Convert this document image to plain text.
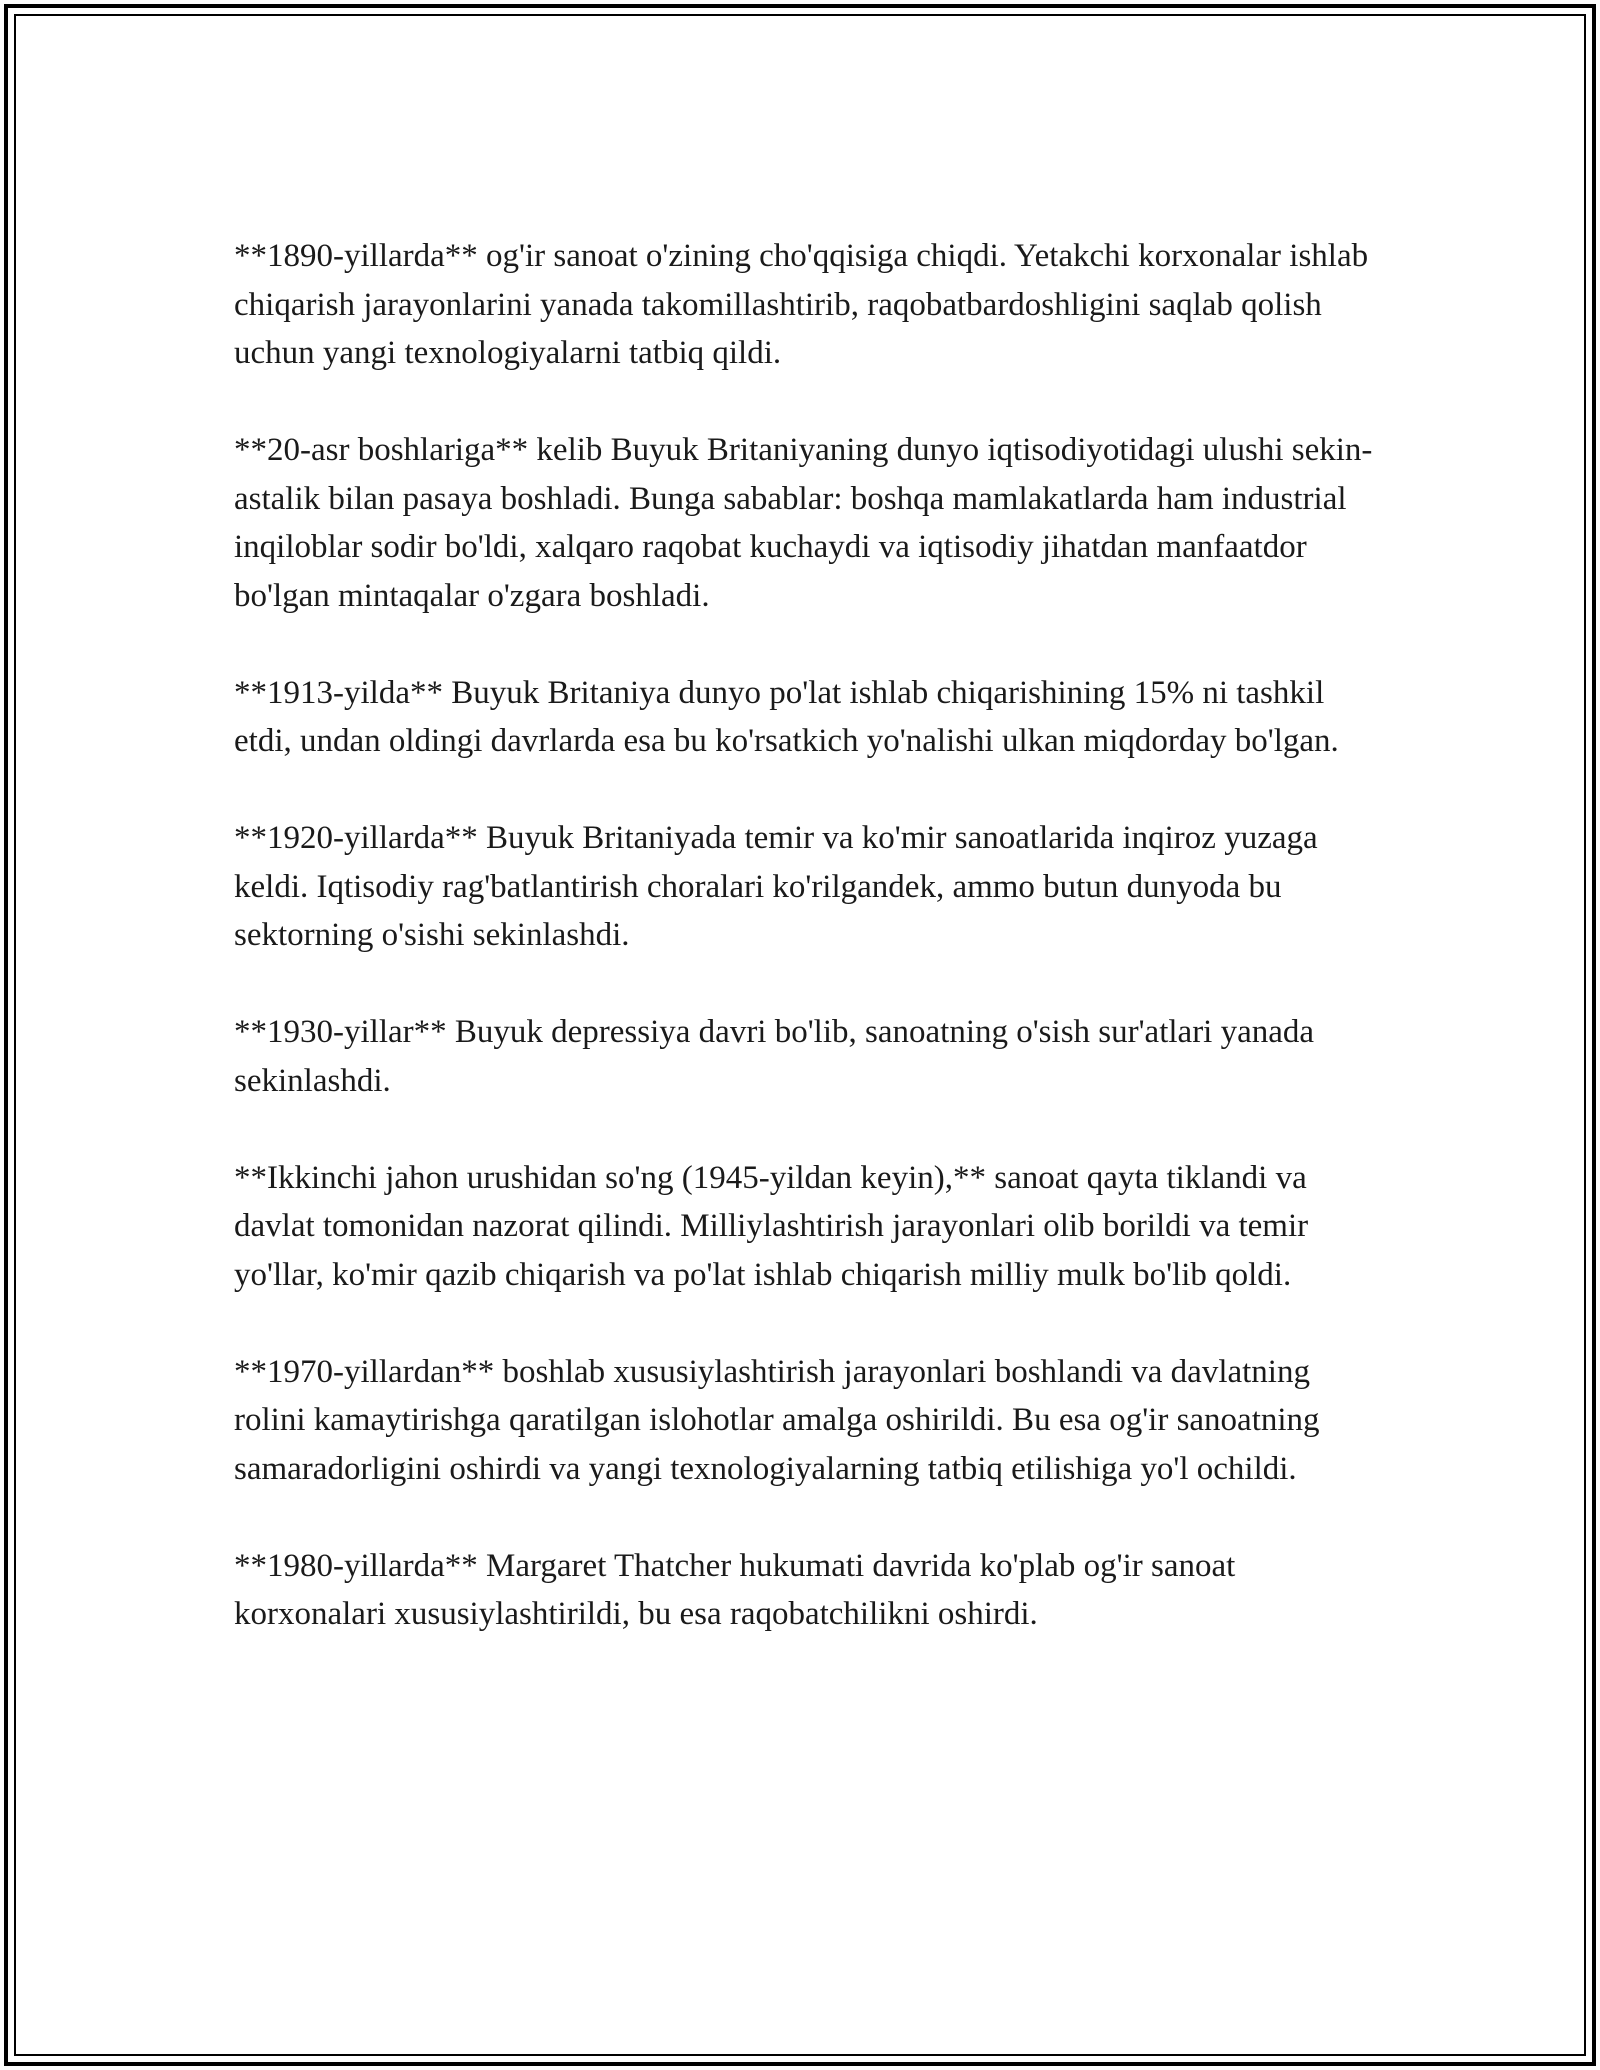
**1890-yillarda** og'ir sanoat o'zining cho'qqisiga chiqdi. Yetakchi korxonalar ishlab chiqarish jarayonlarini yanada takomillashtirib, raqobatbardoshligini saqlab qolish uchun yangi texnologiyalarni tatbiq qildi.

**20-asr boshlariga** kelib Buyuk Britaniyaning dunyo iqtisodiyotidagi ulushi sekin-astalik bilan pasaya boshladi. Bunga sabablar: boshqa mamlakatlarda ham industrial inqiloblar sodir bo'ldi, xalqaro raqobat kuchaydi va iqtisodiy jihatdan manfaatdor bo'lgan mintaqalar o'zgara boshladi.

**1913-yilda** Buyuk Britaniya dunyo po'lat ishlab chiqarishining 15% ni tashkil etdi, undan oldingi davrlarda esa bu ko'rsatkich yo'nalishi ulkan miqdorday bo'lgan.

**1920-yillarda** Buyuk Britaniyada temir va ko'mir sanoatlarida inqiroz yuzaga keldi. Iqtisodiy rag'batlantirish choralari ko'rilgandek, ammo butun dunyoda bu sektorning o'sishi sekinlashdi.

**1930-yillar** Buyuk depressiya davri bo'lib, sanoatning o'sish sur'atlari yanada sekinlashdi.

**Ikkinchi jahon urushidan so'ng (1945-yildan keyin),** sanoat qayta tiklandi va davlat tomonidan nazorat qilindi. Milliylashtirish jarayonlari olib borildi va temir yo'llar, ko'mir qazib chiqarish va po'lat ishlab chiqarish milliy mulk bo'lib qoldi.

**1970-yillardan** boshlab xususiylashtirish jarayonlari boshlandi va davlatning rolini kamaytirishga qaratilgan islohotlar amalga oshirildi. Bu esa og'ir sanoatning samaradorligini oshirdi va yangi texnologiyalarning tatbiq etilishiga yo'l ochildi.

**1980-yillarda** Margaret Thatcher hukumati davrida ko'plab og'ir sanoat korxonalari xususiylashtirildi, bu esa raqobatchilikni oshirdi.
